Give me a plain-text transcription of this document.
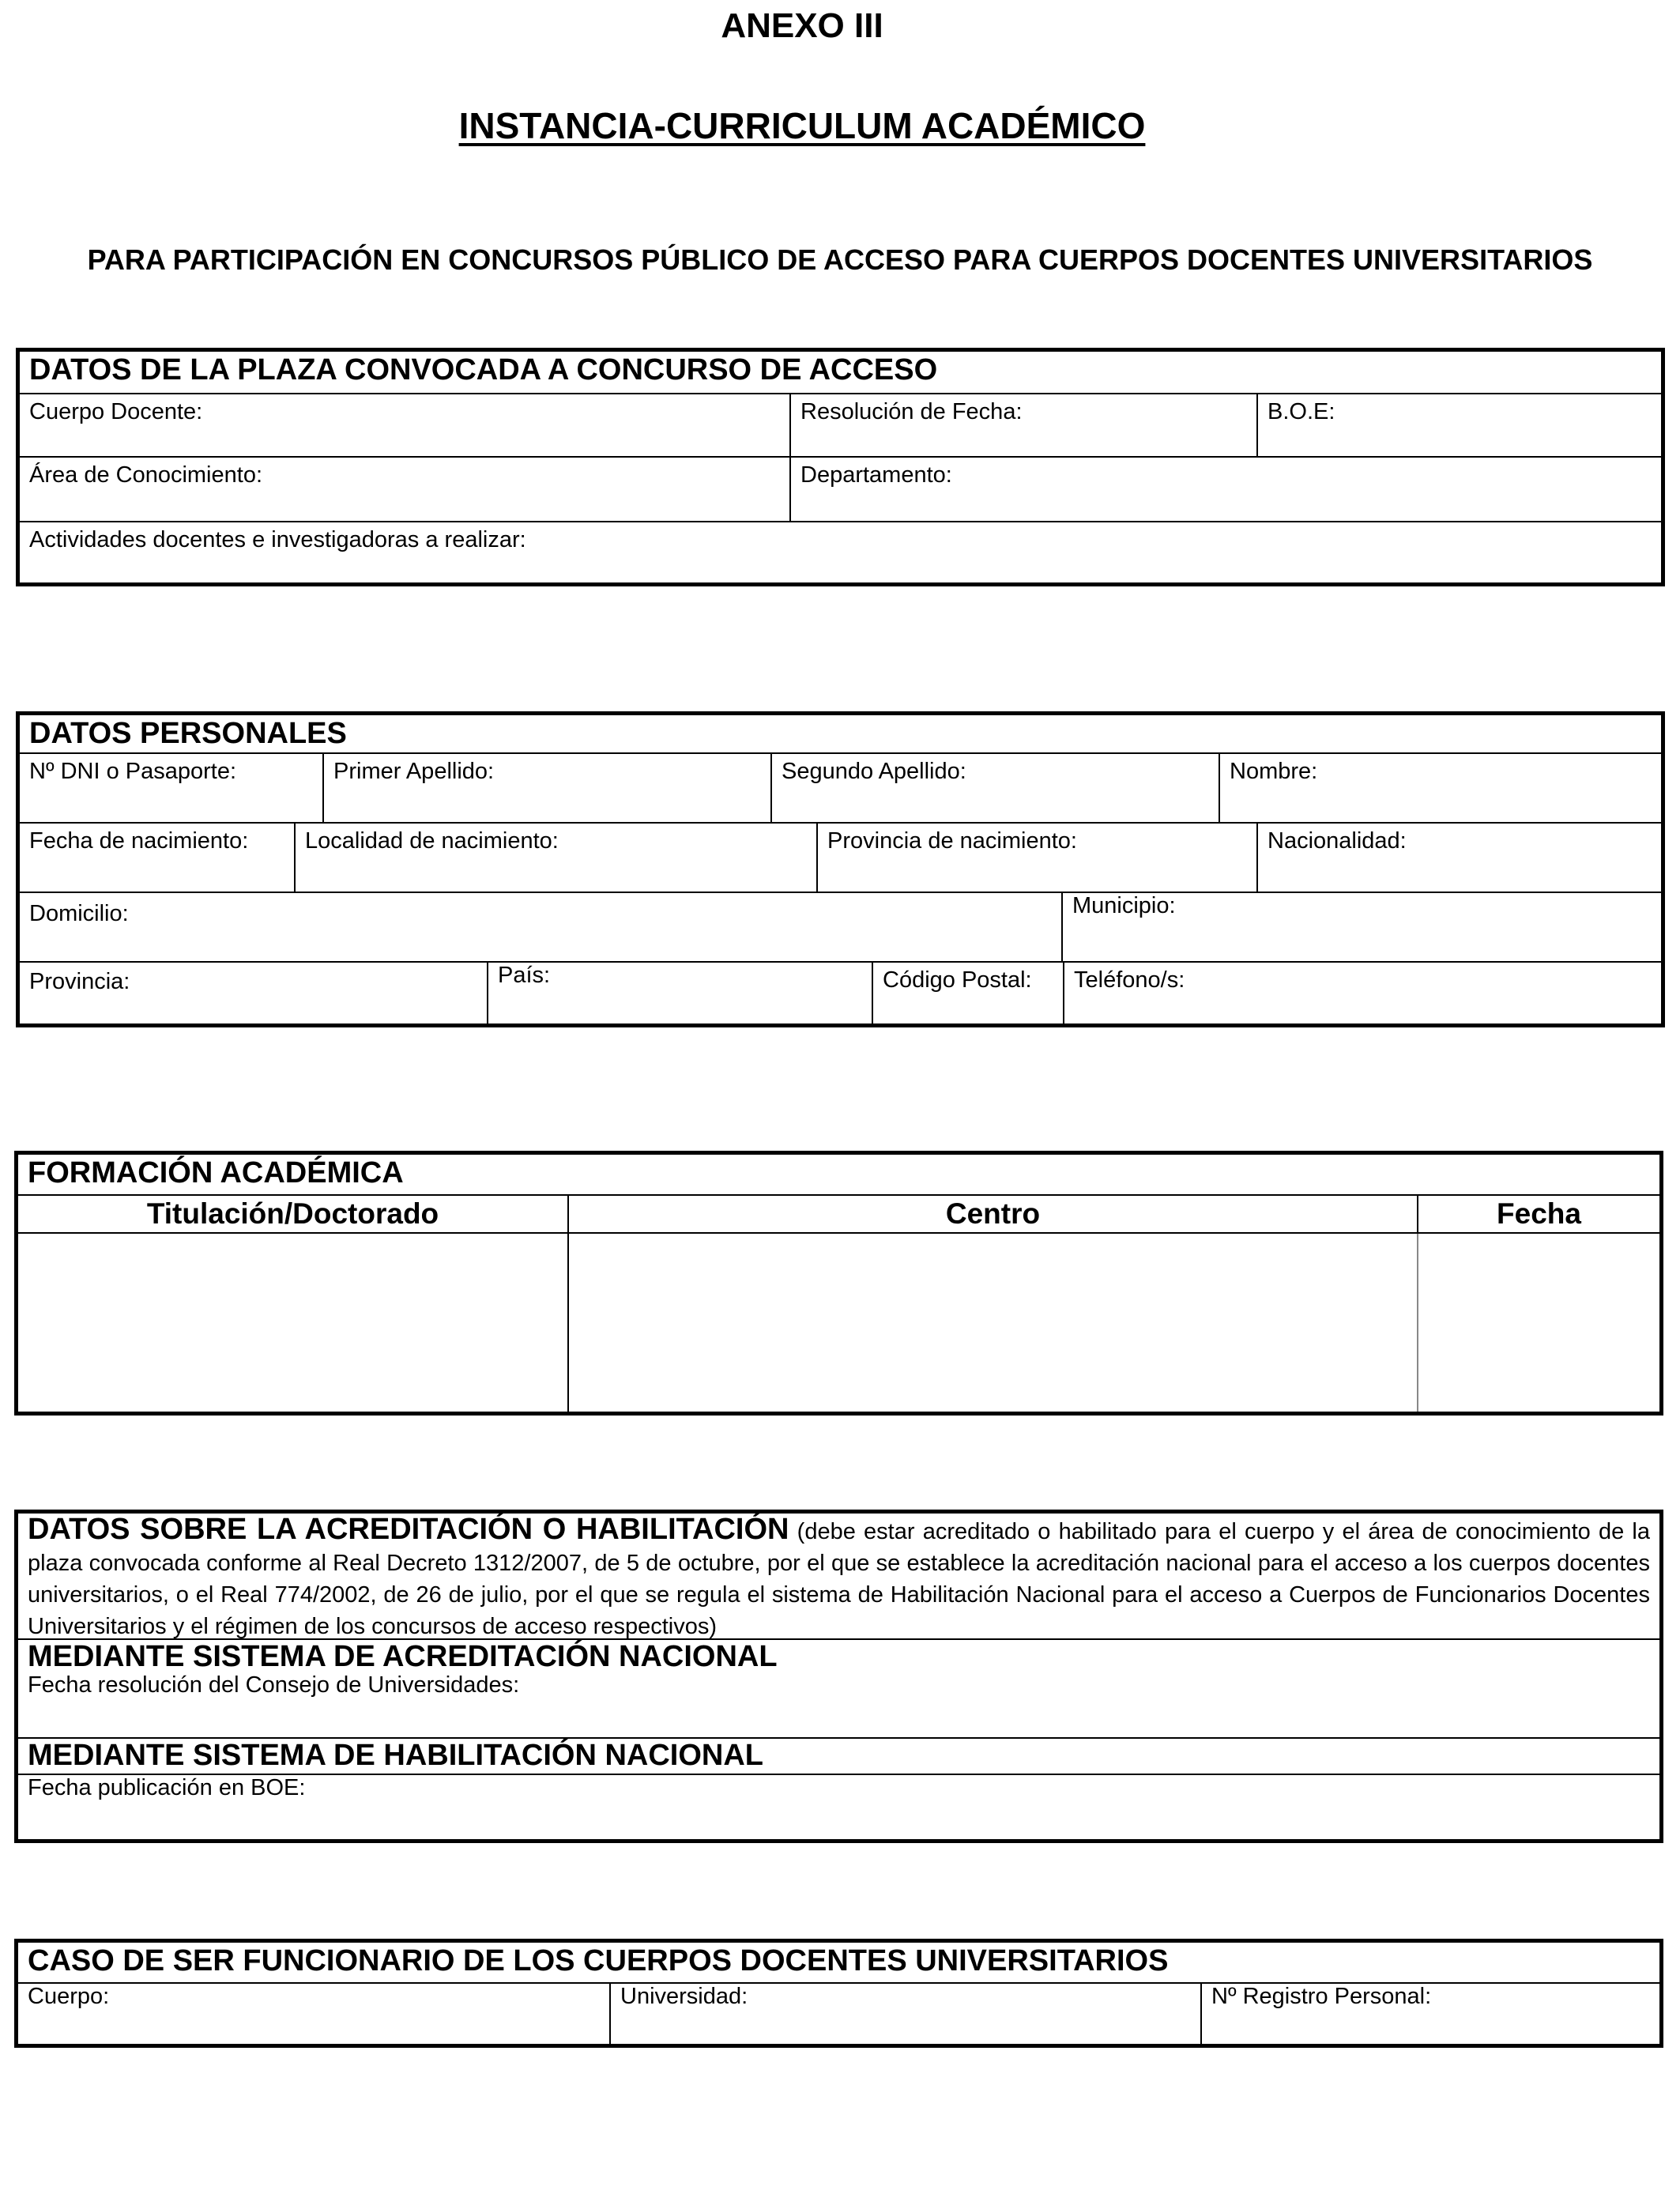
ANEXO III
INSTANCIA-CURRICULUM ACADÉMICO
PARA PARTICIPACIÓN EN CONCURSOS PÚBLICO DE ACCESO PARA CUERPOS DOCENTES UNIVERSITARIOS
DATOS DE LA PLAZA CONVOCADA A CONCURSO DE ACCESO
Cuerpo Docente:	Resolución de Fecha:	B.O.E:
Área de Conocimiento:	Departamento:
Actividades docentes e investigadoras a realizar:
DATOS PERSONALES
Nº DNI o Pasaporte:	Primer Apellido:	Segundo Apellido:	Nombre:
Fecha de nacimiento: Localidad de nacimiento:	Provincia de nacimiento:	Nacionalidad:
Domicilio:	Municipio:
Provincia:	País:	Código Postal: Teléfono/s:
FORMACIÓN ACADÉMICA
Titulación/Doctorado	Centro	Fecha
DATOS SOBRE LA ACREDITACIÓN O HABILITACIÓN (debe estar acreditado o habilitado para el cuerpo y el área de conocimiento de la plaza convocada conforme al Real Decreto 1312/2007, de 5 de octubre, por el que se establece la acreditación nacional para el acceso a los cuerpos docentes universitarios, o el Real 774/2002, de 26 de julio, por el que se regula el sistema de Habilitación Nacional para el acceso a Cuerpos de Funcionarios Docentes Universitarios y el régimen de los concursos de acceso respectivos)
MEDIANTE SISTEMA DE ACREDITACIÓN NACIONAL
Fecha resolución del Consejo de Universidades:
MEDIANTE SISTEMA DE HABILITACIÓN NACIONAL
Fecha publicación en BOE:
CASO DE SER FUNCIONARIO DE LOS CUERPOS DOCENTES UNIVERSITARIOS
Cuerpo:	Universidad:	Nº Registro Personal:
